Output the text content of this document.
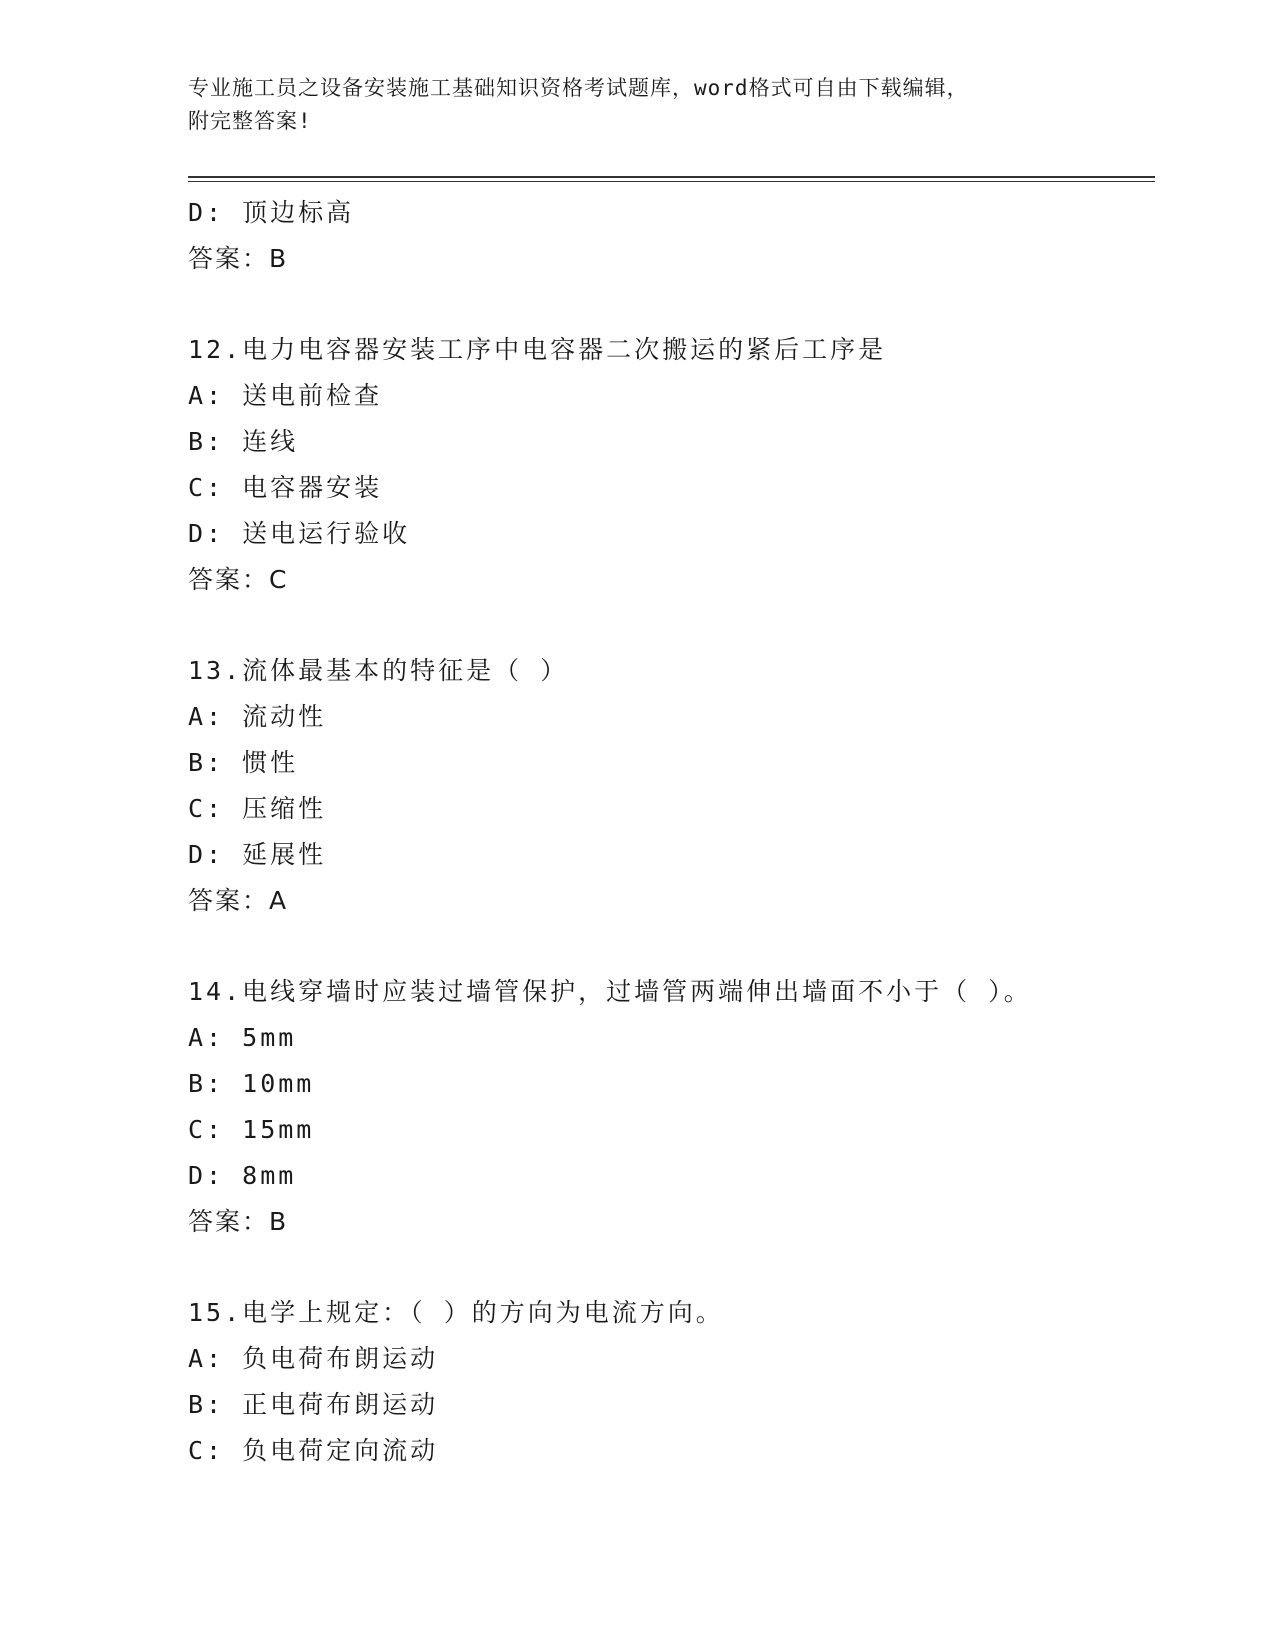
专业施工员之设备安装施工基础知识资格考试题库，word格式可自由下载编辑，
附完整答案!
D: 顶边标高
答案：B
12.电力电容器安装工序中电容器二次搬运的紧后工序是
A: 送电前检查
B: 连线
C: 电容器安装
D: 送电运行验收
答案：C
13.流体最基本的特征是（ ）
A: 流动性
B: 惯性
C: 压缩性
D: 延展性
答案：A
14.电线穿墙时应装过墙管保护，过墙管两端伸出墙面不小于（ ）。
A: 5mm
B: 10mm
C: 15mm
D: 8mm
答案：B
15.电学上规定：（ ）的方向为电流方向。
A: 负电荷布朗运动
B: 正电荷布朗运动
C: 负电荷定向流动
